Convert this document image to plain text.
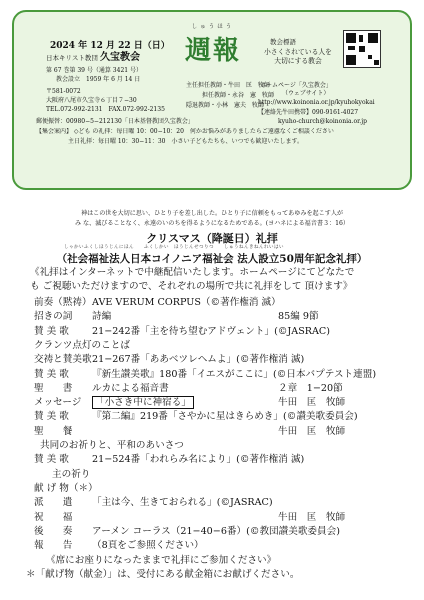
2024 年 12 月 22 日（日）
日本キリスト教団 久宝教会
第 67 巻第 39 号（通算 3421 号）
教会設立　1959 年 6 月 14 日
〒581-0072
大阪府八尾市久宝寺６丁目７−30
TEL.072-992-2131　FAX.072-992-2135
しゅうほう
週報
主任担任教師・牛田　匡　牧師
担任教師・永谷　憲　牧師
隠退教師・小林　憲夫　牧師
教会標語
小さくされている人を
大切にする教会
ホームページ「久宝教会」
（ウェブサイト）
http://www.koinonia.or.jp/kyuhokyokai
【連絡先牛田携帯】090-9161-4027
kyuho-church@koinonia.or.jp
郵便振替：00980−5−212130「日本基督教団久宝教会」
【集会案内】 ◇ども の礼拝：毎日曜 10：00−10：20　何かお悩みがありましたらご遠慮なくご相談ください
主日礼拝：毎日曜 10：30−11：30　小さい子どもたちも、いつでも歓迎いたします。
神はこの世を大切に思い、ひとり子を差し出した。ひとり子に信頼をもってあゆみを起こす人が
み な、滅びることなく、永遠のいのちを得るようになるためである。(ヨハネによる福音書３：16）
クリスマス（降誕日）礼拝
しゃかいふくしほうじんにほん　　ふくしかい　ほうじんせつりつ　　しゅうねんきねんれいはい
（社会福祉法人日本コイノニア福祉会 法人設立50周年記念礼拝）
《礼拝はインターネットで中継配信いたします。ホームページにてどなたで
も ご視聴いただけますので、それぞれの場所で共に礼拝をして 頂けます》
前奏（黙祷）AVE VERUM CORPUS（©著作権消 滅）
招きの詞 詩編	85編 9節
賛 美 歌 21−242番「主を待ち望むアドヴェント」(©JASRAC)
クランツ点灯のことば
交祷と賛美歌21−267番「ああベツレヘムよ」(©著作権消 滅)
賛 美 歌 『新生讃美歌』180番「イエスがここに」(©日本バプテスト連盟)
聖　　書 ルカによる福音書	２章　1−20節
メッセージ 「小さき中に神宿る」	牛田　匡　牧師
賛 美 歌 『第二編』219番「さやかに星はきらめき」(©讃美歌委員会)
聖　　餐	牛田　匡　牧師
共同のお祈りと、平和のあいさつ
賛 美 歌 21−524番「われらみ名により」(©著作権消 滅)
主の祈り
献 げ 物（＊）
派　　遣 「主は今、生きておられる」(©JASRAC)
祝　　福	牛田　匡　牧師
後　　奏 アーメン コーラス（21−40−6番）(©教団讃美歌委員会)
報　　告 （8頁をご参照ください）
《席にお座りになったままで礼拝にご参加ください》
＊「献げ物（献金）」は、受付にある献金箱にお献げください。
